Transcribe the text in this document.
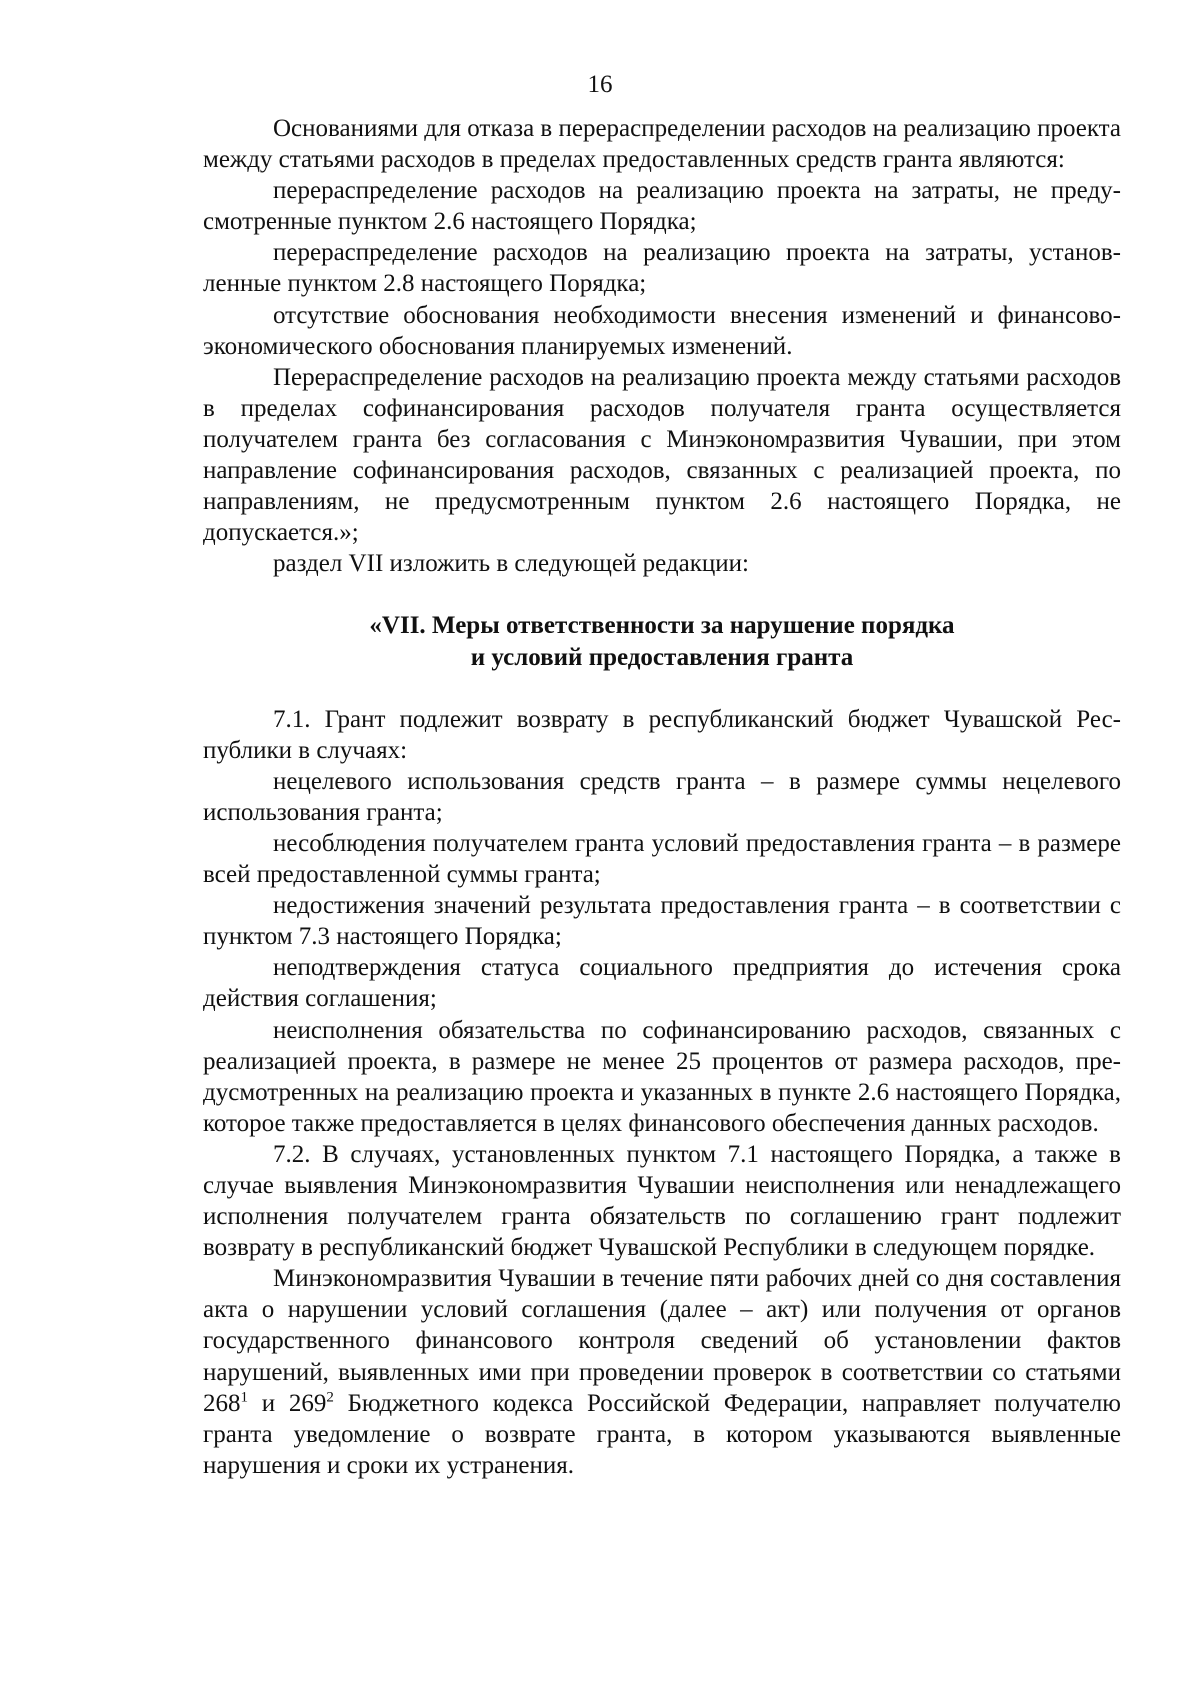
16

Основаниями для отказа в перераспределении расходов на реализацию проекта между статьями расходов в пределах предоставленных средств гранта являются:

перераспределение расходов на реализацию проекта на затраты, не предусмотренные пунктом 2.6 настоящего Порядка;

перераспределение расходов на реализацию проекта на затраты, установленные пунктом 2.8 настоящего Порядка;

отсутствие обоснования необходимости внесения изменений и финансово-экономического обоснования планируемых изменений.

Перераспределение расходов на реализацию проекта между статьями расходов в пределах софинансирования расходов получателя гранта осуществляется получателем гранта без согласования с Минэкономразвития Чувашии, при этом направление софинансирования расходов, связанных с реализацией проекта, по направлениям, не предусмотренным пунктом 2.6 настоящего Порядка, не допускается.»;

раздел VII изложить в следующей редакции:

«VII. Меры ответственности за нарушение порядка
и условий предоставления гранта

7.1. Грант подлежит возврату в республиканский бюджет Чувашской Республики в случаях:

нецелевого использования средств гранта – в размере суммы нецелевого использования гранта;

несоблюдения получателем гранта условий предоставления гранта – в размере всей предоставленной суммы гранта;

недостижения значений результата предоставления гранта – в соответствии с пунктом 7.3 настоящего Порядка;

неподтверждения статуса социального предприятия до истечения срока действия соглашения;

неисполнения обязательства по софинансированию расходов, связанных с реализацией проекта, в размере не менее 25 процентов от размера расходов, предусмотренных на реализацию проекта и указанных в пункте 2.6 настоящего Порядка, которое также предоставляется в целях финансового обеспечения данных расходов.

7.2. В случаях, установленных пунктом 7.1 настоящего Порядка, а также в случае выявления Минэкономразвития Чувашии неисполнения или ненадлежащего исполнения получателем гранта обязательств по соглашению грант подлежит возврату в республиканский бюджет Чувашской Республики в следующем порядке.

Минэкономразвития Чувашии в течение пяти рабочих дней со дня составления акта о нарушении условий соглашения (далее – акт) или получения от органов государственного финансового контроля сведений об установлении фактов нарушений, выявленных ими при проведении проверок в соответствии со статьями $268^1$ и $269^2$ Бюджетного кодекса Российской Федерации, направляет получателю гранта уведомление о возврате гранта, в котором указываются выявленные нарушения и сроки их устранения.
